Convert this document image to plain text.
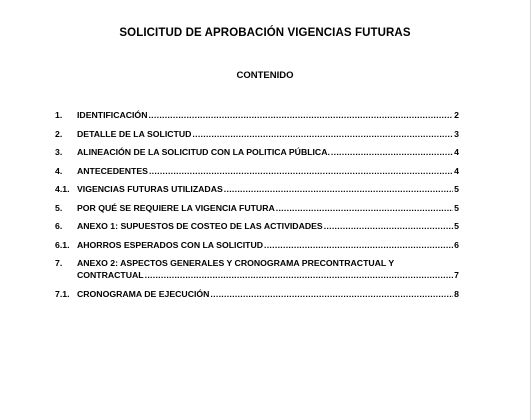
SOLICITUD DE APROBACIÓN VIGENCIAS FUTURAS
CONTENIDO
1.	IDENTIFICACIÓN .....	2
2.	DETALLE DE LA SOLICTUD .....	3
3.	ALINEACIÓN DE LA SOLICITUD CON LA POLITICA PÚBLICA. .....	4
4.	ANTECEDENTES .....	4
4.1. VIGENCIAS FUTURAS UTILIZADAS .....	5
5.	POR QUÉ SE REQUIERE LA VIGENCIA FUTURA .....	5
6.	ANEXO 1: SUPUESTOS DE COSTEO DE LAS ACTIVIDADES .....	5
6.1. AHORROS ESPERADOS CON LA SOLICITUD .....	6
7.	ANEXO 2: ASPECTOS GENERALES Y CRONOGRAMA PRECONTRACTUAL Y
CONTRACTUAL .....	7
7.1. CRONOGRAMA DE EJECUCIÓN .....	8
